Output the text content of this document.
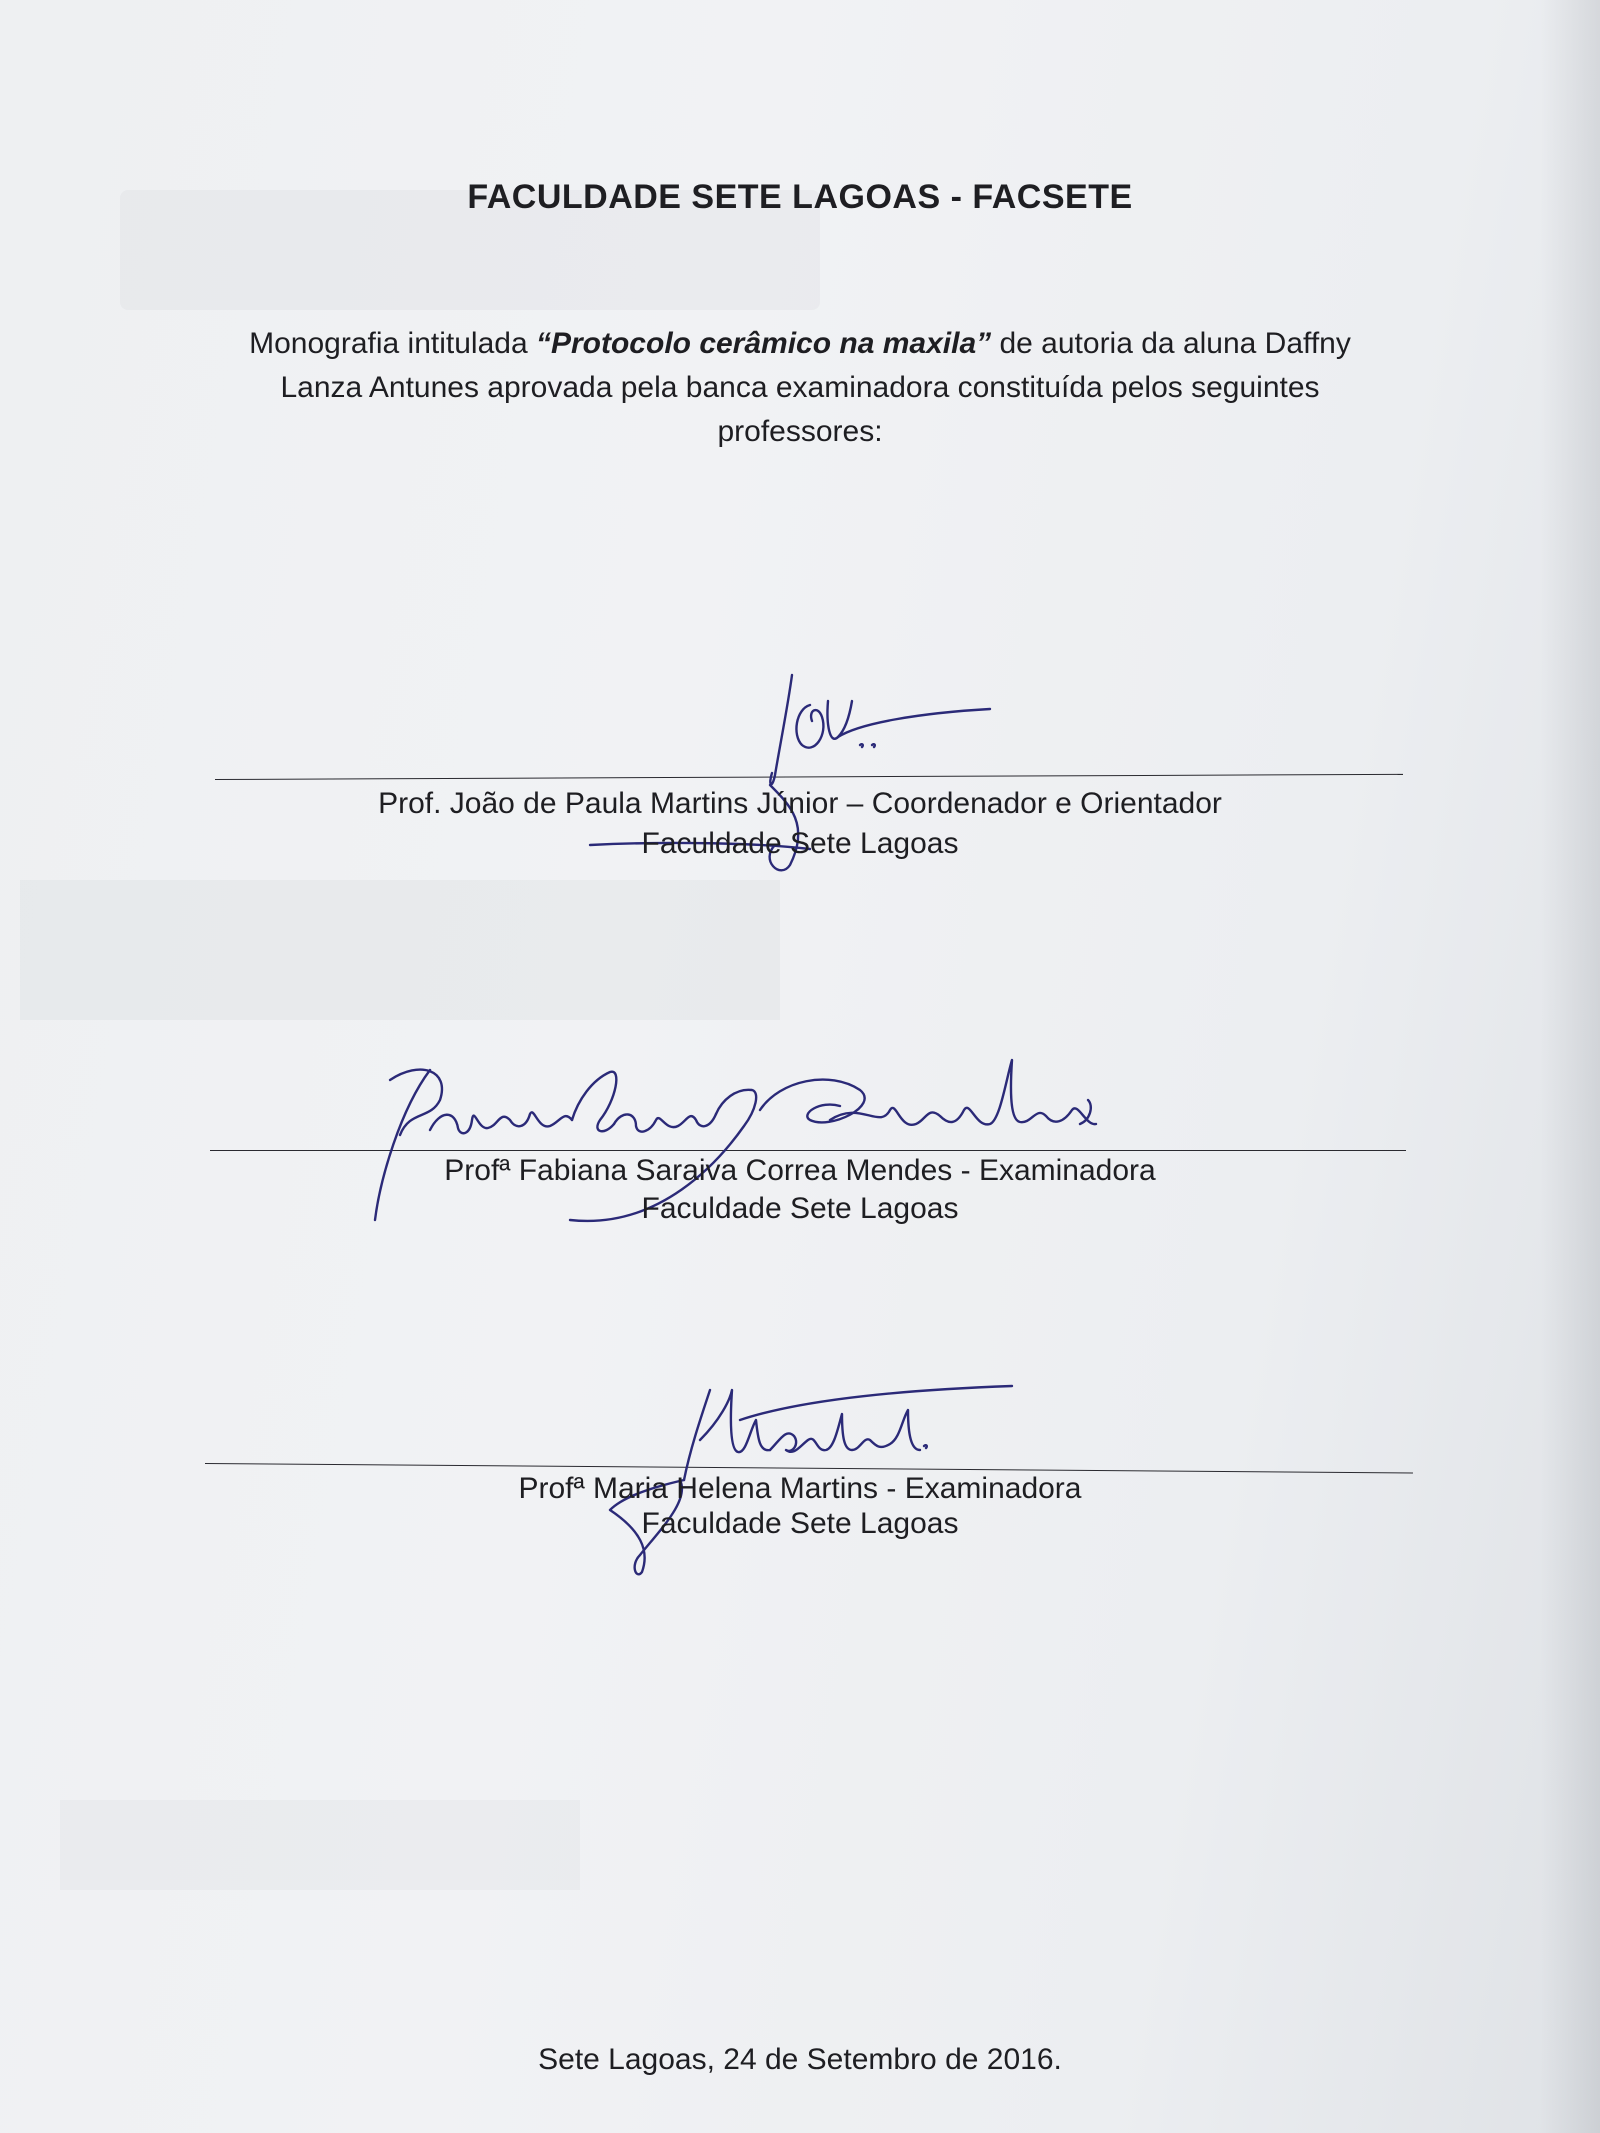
FACULDADE SETE LAGOAS - FACSETE
Monografia intitulada “Protocolo cerâmico na maxila” de autoria da aluna Daffny Lanza Antunes aprovada pela banca examinadora constituída pelos seguintes professores:
Prof. João de Paula Martins Júnior – Coordenador e Orientador
Faculdade Sete Lagoas
Profª Fabiana Saraiva Correa Mendes - Examinadora
Faculdade Sete Lagoas
Profª Maria Helena Martins - Examinadora
Faculdade Sete Lagoas
Sete Lagoas, 24 de Setembro de 2016.
